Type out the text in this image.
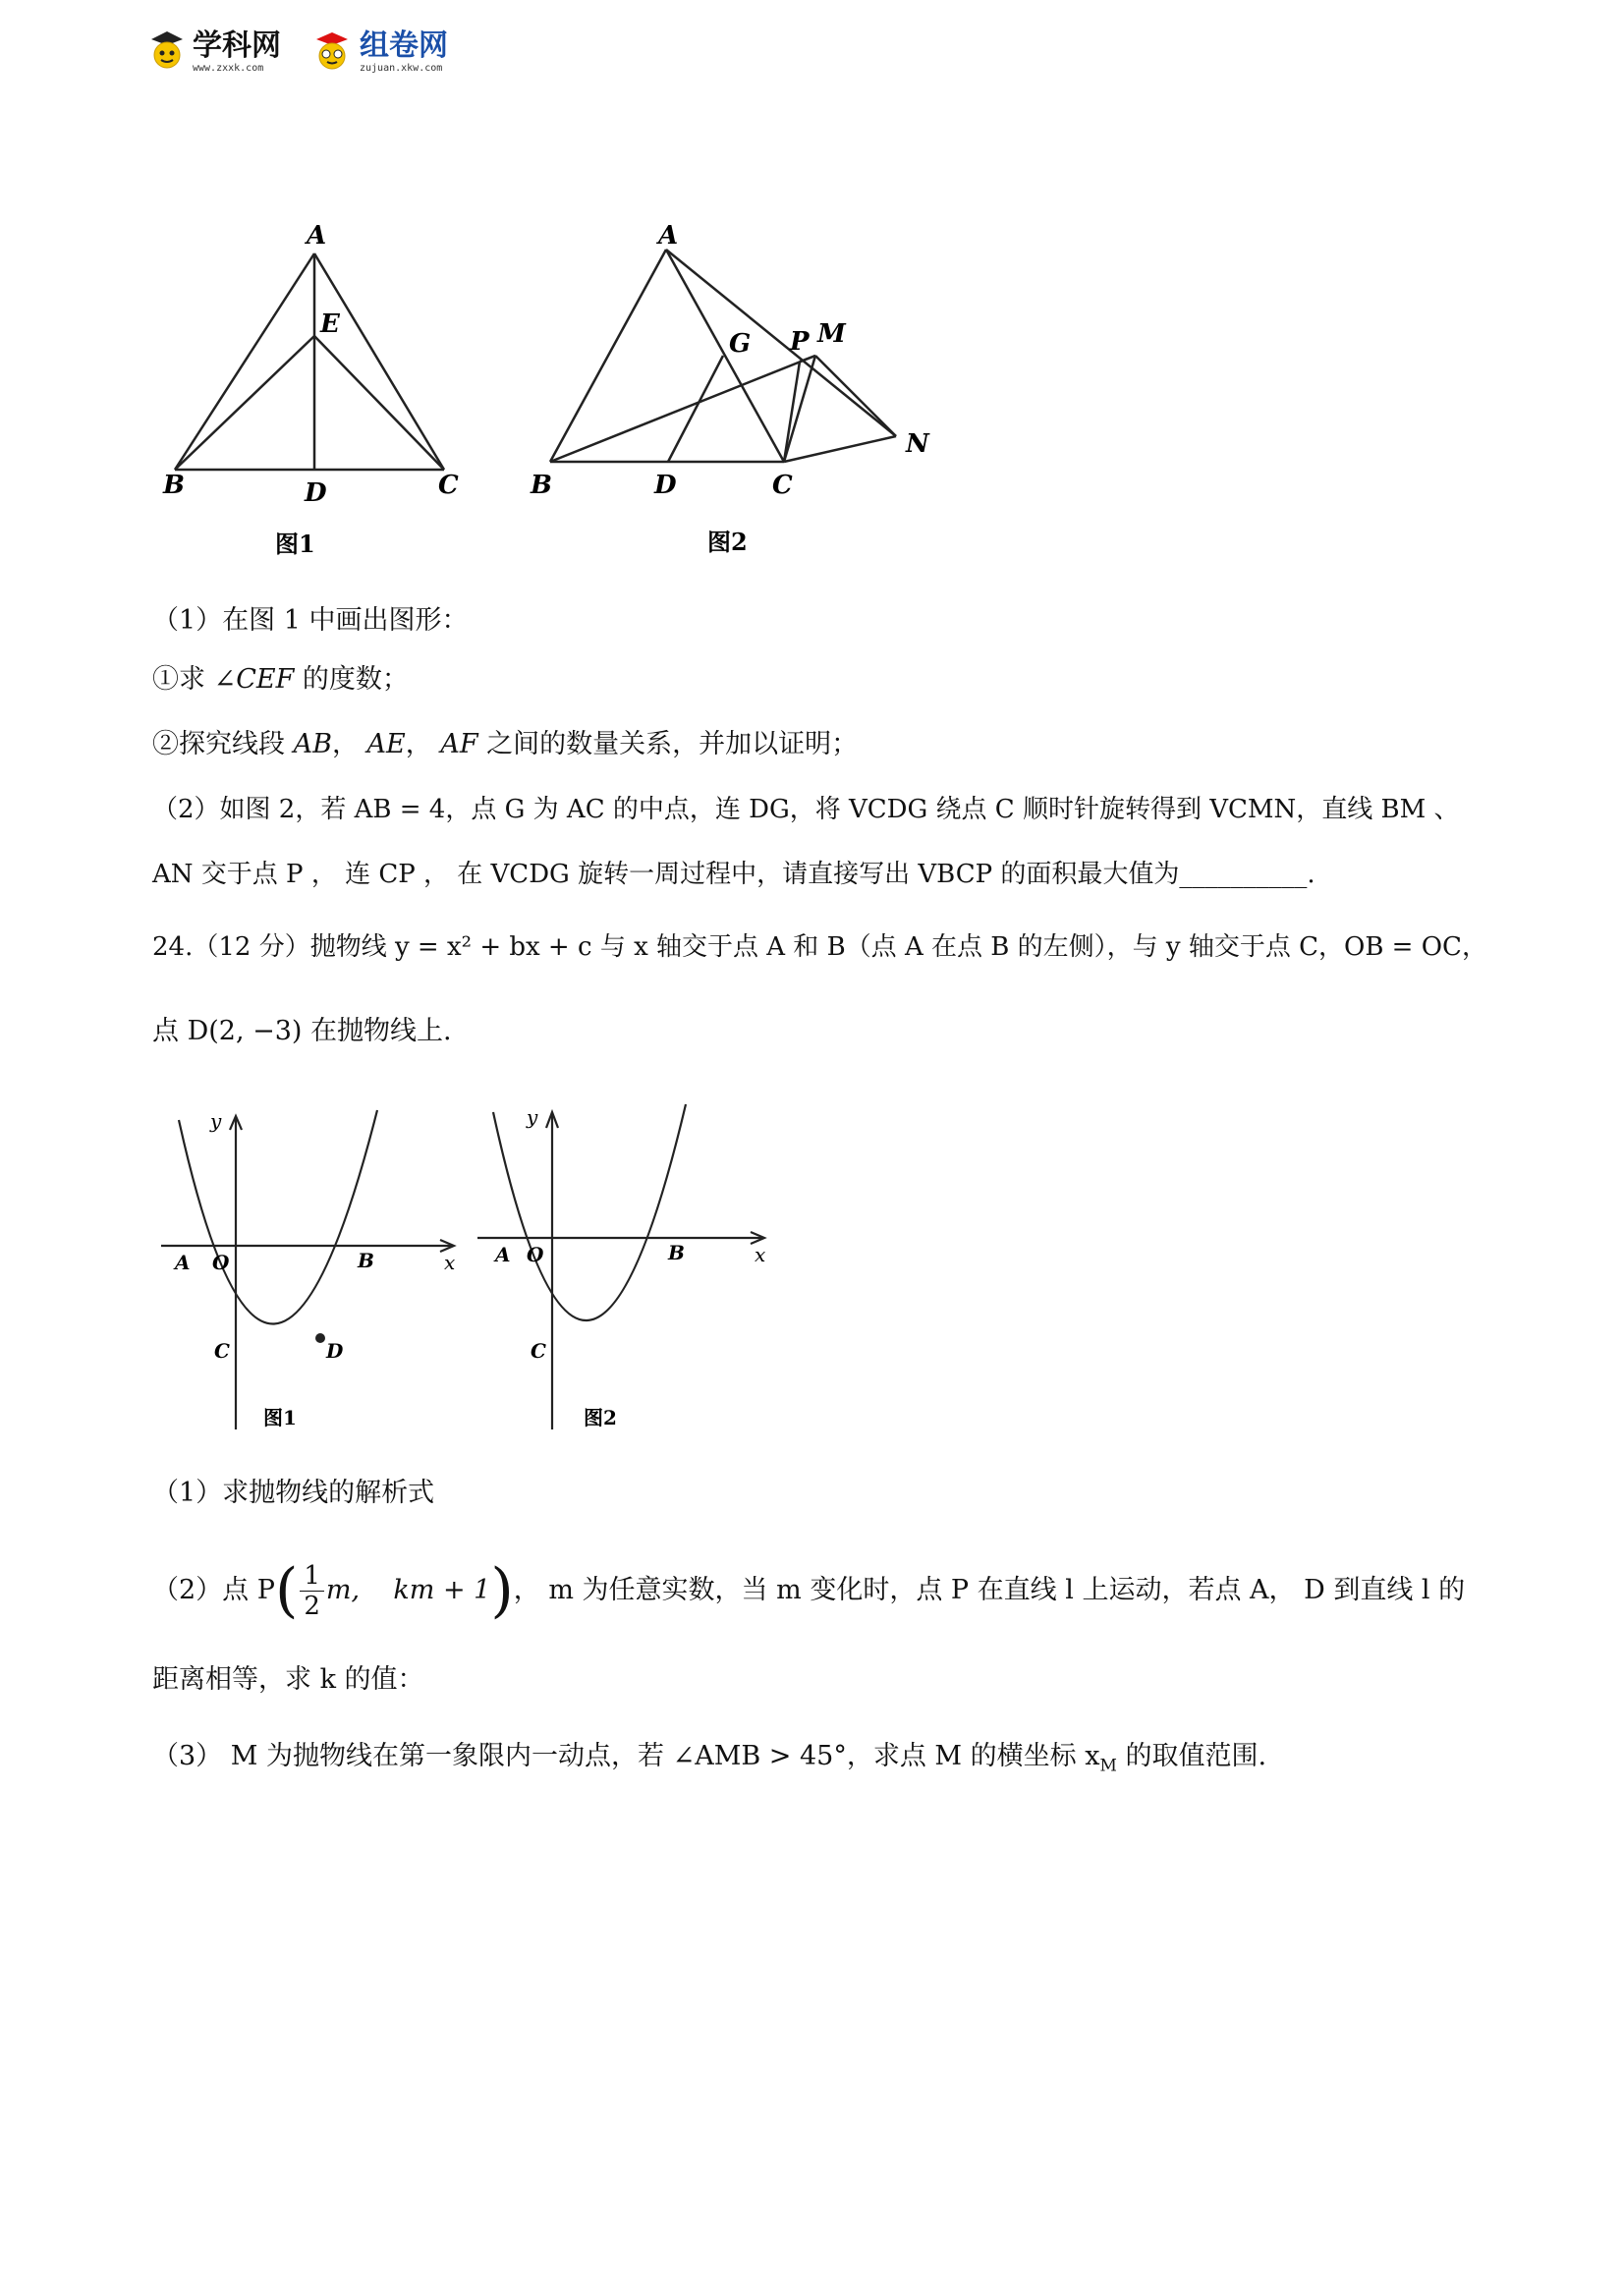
学科网
www.zxxk.com
组卷网
zujuan.xkw.com
A
E
B	D	C
图1
A
G P M
N
B	D	C
图2
（1）在图 1 中画出图形：
①求 ∠CEF 的度数；
②探究线段 AB， AE， AF 之间的数量关系，并加以证明；
（2）如图 2，若 AB = 4，点 G 为 AC 的中点，连 DG，将 VCDG 绕点 C 顺时针旋转得到 VCMN，直线 BM 、
AN 交于点 P ， 连 CP ， 在 VCDG 旋转一周过程中，请直接写出 VBCP 的面积最大值为__________.
24.（12 分）抛物线 y = x² + bx + c 与 x 轴交于点 A 和 B（点 A 在点 B 的左侧），与 y 轴交于点 C，OB = OC，
点 D(2, −3) 在抛物线上.
y
x
A O	B
C	D
图1
y
x
A O	B
C
图2
（1）求抛物线的解析式
（2）点 P ( $\frac{1}{2} m$,    km + 1 ) ， m 为任意实数，当 m 变化时，点 P 在直线 l 上运动，若点 A， D 到直线 l 的
距离相等，求 k 的值：
（3） M 为抛物线在第一象限内一动点，若 ∠AMB > 45°，求点 M 的横坐标 $x_M$ 的取值范围.
